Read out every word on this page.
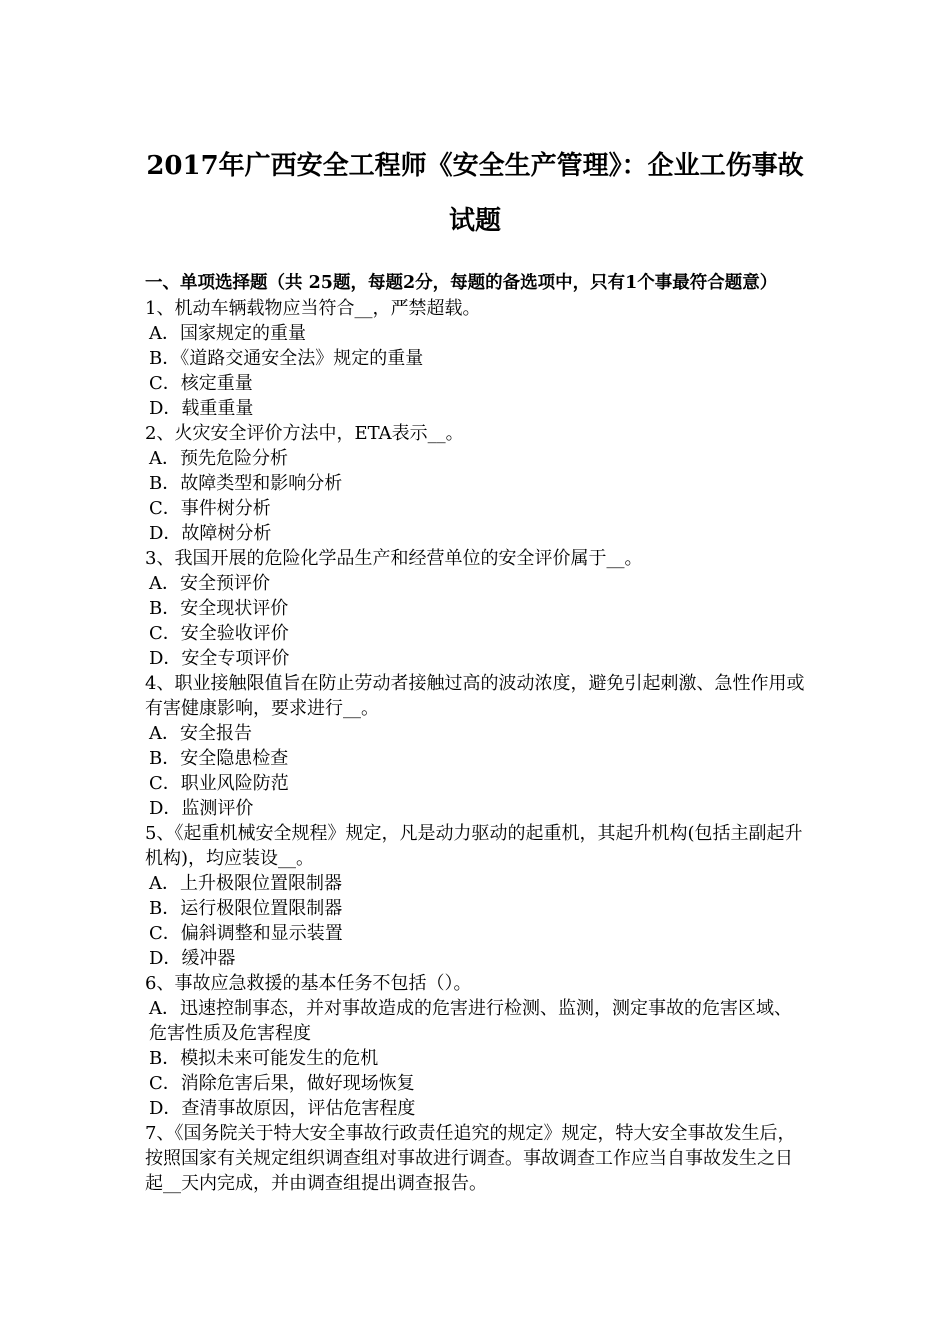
2017年广西安全工程师《安全生产管理》：企业工伤事故
试题
一、单项选择题（共 25题，每题2分，每题的备选项中，只有1个事最符合题意）
1、机动车辆载物应当符合__，严禁超载。
A．国家规定的重量
B．《道路交通安全法》规定的重量
C．核定重量
D．载重重量
2、火灾安全评价方法中，ETA表示__。
A．预先危险分析
B．故障类型和影响分析
C．事件树分析
D．故障树分析
3、我国开展的危险化学品生产和经营单位的安全评价属于__。
A．安全预评价
B．安全现状评价
C．安全验收评价
D．安全专项评价
4、职业接触限值旨在防止劳动者接触过高的波动浓度，避免引起刺激、急性作用或有害健康影响，要求进行__。
A．安全报告
B．安全隐患检查
C．职业风险防范
D．监测评价
5、《起重机械安全规程》规定，凡是动力驱动的起重机，其起升机构(包括主副起升机构)，均应装设__。
A．上升极限位置限制器
B．运行极限位置限制器
C．偏斜调整和显示装置
D．缓冲器
6、事故应急救援的基本任务不包括（）。
A．迅速控制事态，并对事故造成的危害进行检测、监测，测定事故的危害区域、危害性质及危害程度
B．模拟未来可能发生的危机
C．消除危害后果，做好现场恢复
D．查清事故原因，评估危害程度
7、《国务院关于特大安全事故行政责任追究的规定》规定，特大安全事故发生后，按照国家有关规定组织调查组对事故进行调查。事故调查工作应当自事故发生之日起__天内完成，并由调查组提出调查报告。
